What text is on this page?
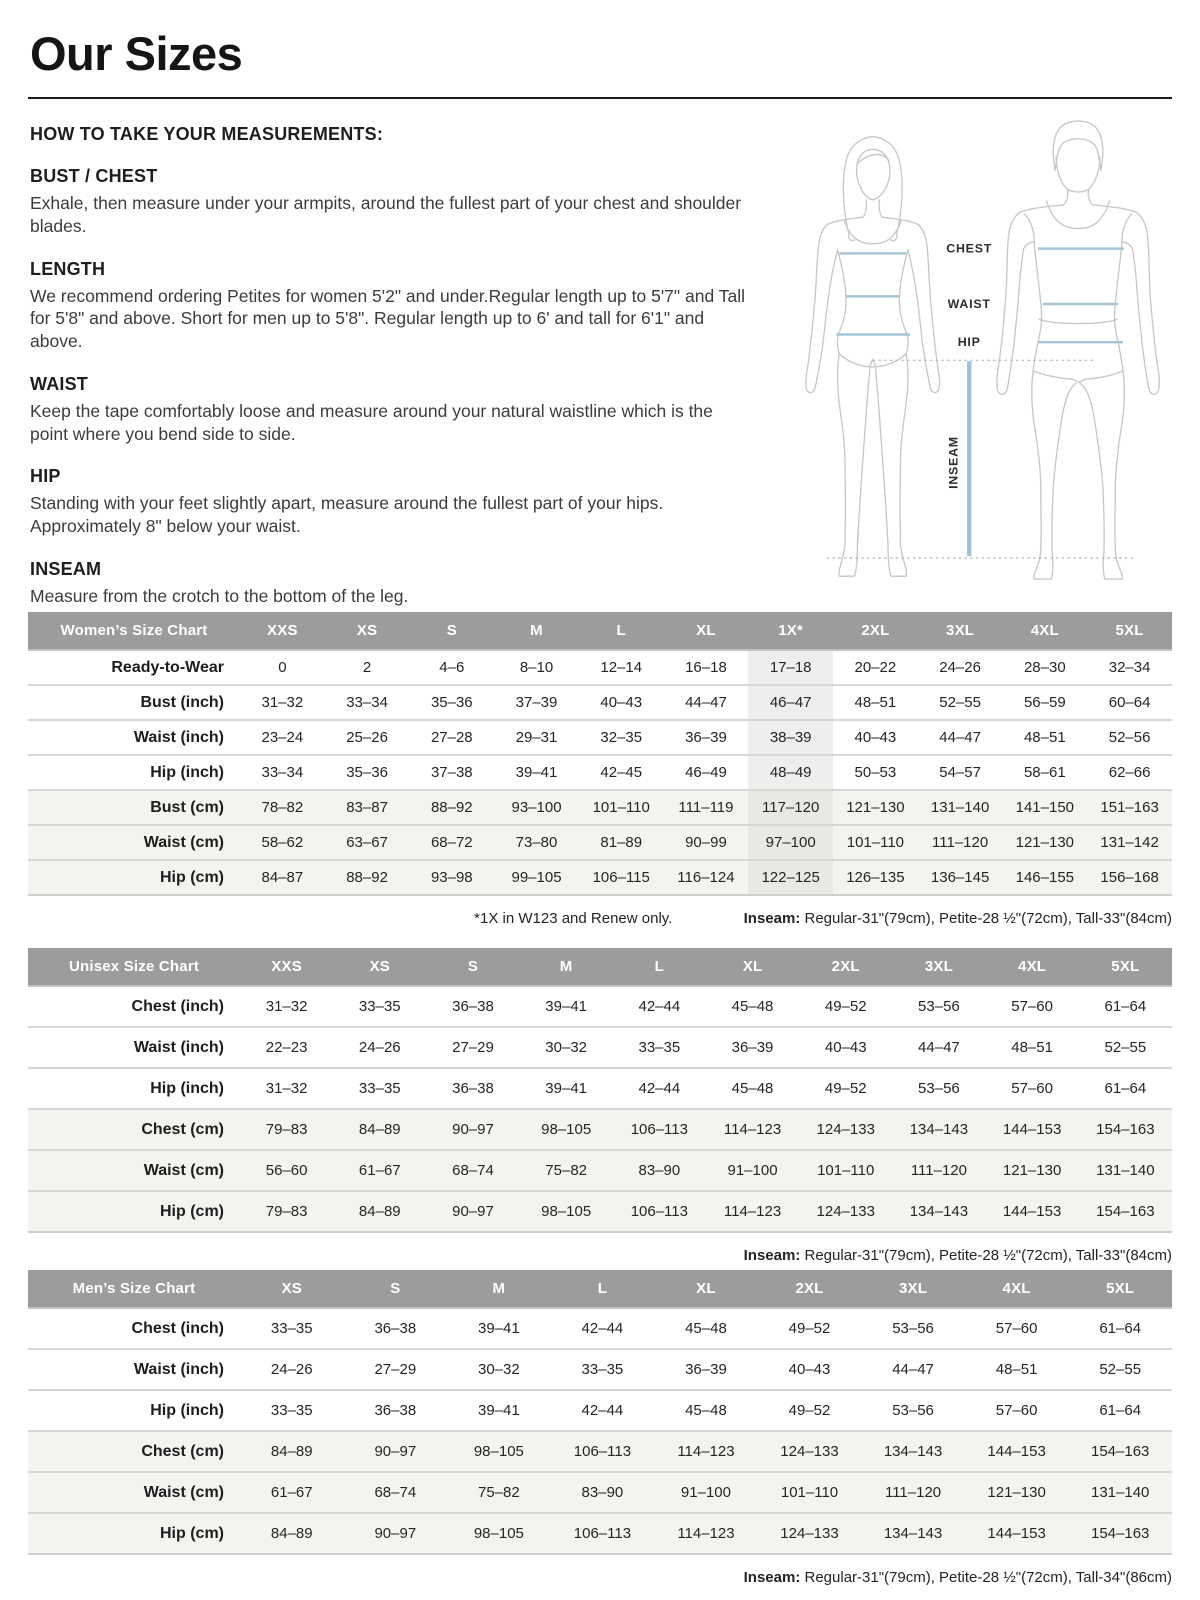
Our Sizes
HOW TO TAKE YOUR MEASUREMENTS:
BUST / CHEST

Exhale, then measure under your armpits, around the fullest part of your chest and shoulder blades.

LENGTH

We recommend ordering Petites for women 5'2" and under.Regular length up to 5'7" and Tall for 5'8" and above. Short for men up to 5'8". Regular length up to 6' and tall for 6'1" and above.

WAIST

Keep the tape comfortably loose and measure around your natural waistline which is the point where you bend side to side.

HIP

Standing with your feet slightly apart, measure around the fullest part of your hips. Approximately 8" below your waist.

INSEAM

Measure from the crotch to the bottom of the leg.

CHEST
WAIST
HIP
INSEAM
Women’s Size Chart	XXS	XS	S	M	L	XL	1X*	2XL	3XL	4XL	5XL
Ready-to-Wear	0	2	4–6	8–10	12–14	16–18	17–18	20–22	24–26	28–30	32–34
Bust (inch)	31–32	33–34	35–36	37–39	40–43	44–47	46–47	48–51	52–55	56–59	60–64
Waist (inch)	23–24	25–26	27–28	29–31	32–35	36–39	38–39	40–43	44–47	48–51	52–56
Hip (inch)	33–34	35–36	37–38	39–41	42–45	46–49	48–49	50–53	54–57	58–61	62–66
Bust (cm)	78–82	83–87	88–92	93–100	101–110	111–119	117–120	121–130	131–140	141–150	151–163
Waist (cm)	58–62	63–67	68–72	73–80	81–89	90–99	97–100	101–110	111–120	121–130	131–142
Hip (cm)	84–87	88–92	93–98	99–105	106–115	116–124	122–125	126–135	136–145	146–155	156–168
*1X in W123 and Renew only.	Inseam: Regular-31"(79cm), Petite-28 ½"(72cm), Tall-33"(84cm)
Unisex Size Chart	XXS	XS	S	M	L	XL	2XL	3XL	4XL	5XL
Chest (inch)	31–32	33–35	36–38	39–41	42–44	45–48	49–52	53–56	57–60	61–64
Waist (inch)	22–23	24–26	27–29	30–32	33–35	36–39	40–43	44–47	48–51	52–55
Hip (inch)	31–32	33–35	36–38	39–41	42–44	45–48	49–52	53–56	57–60	61–64
Chest (cm)	79–83	84–89	90–97	98–105	106–113	114–123	124–133	134–143	144–153	154–163
Waist (cm)	56–60	61–67	68–74	75–82	83–90	91–100	101–110	111–120	121–130	131–140
Hip (cm)	79–83	84–89	90–97	98–105	106–113	114–123	124–133	134–143	144–153	154–163
Inseam: Regular-31"(79cm), Petite-28 ½"(72cm), Tall-33"(84cm)
Men’s Size Chart	XS	S	M	L	XL	2XL	3XL	4XL	5XL
Chest (inch)	33–35	36–38	39–41	42–44	45–48	49–52	53–56	57–60	61–64
Waist (inch)	24–26	27–29	30–32	33–35	36–39	40–43	44–47	48–51	52–55
Hip (inch)	33–35	36–38	39–41	42–44	45–48	49–52	53–56	57–60	61–64
Chest (cm)	84–89	90–97	98–105	106–113	114–123	124–133	134–143	144–153	154–163
Waist (cm)	61–67	68–74	75–82	83–90	91–100	101–110	111–120	121–130	131–140
Hip (cm)	84–89	90–97	98–105	106–113	114–123	124–133	134–143	144–153	154–163
Inseam: Regular-31"(79cm), Petite-28 ½"(72cm), Tall-34"(86cm)
